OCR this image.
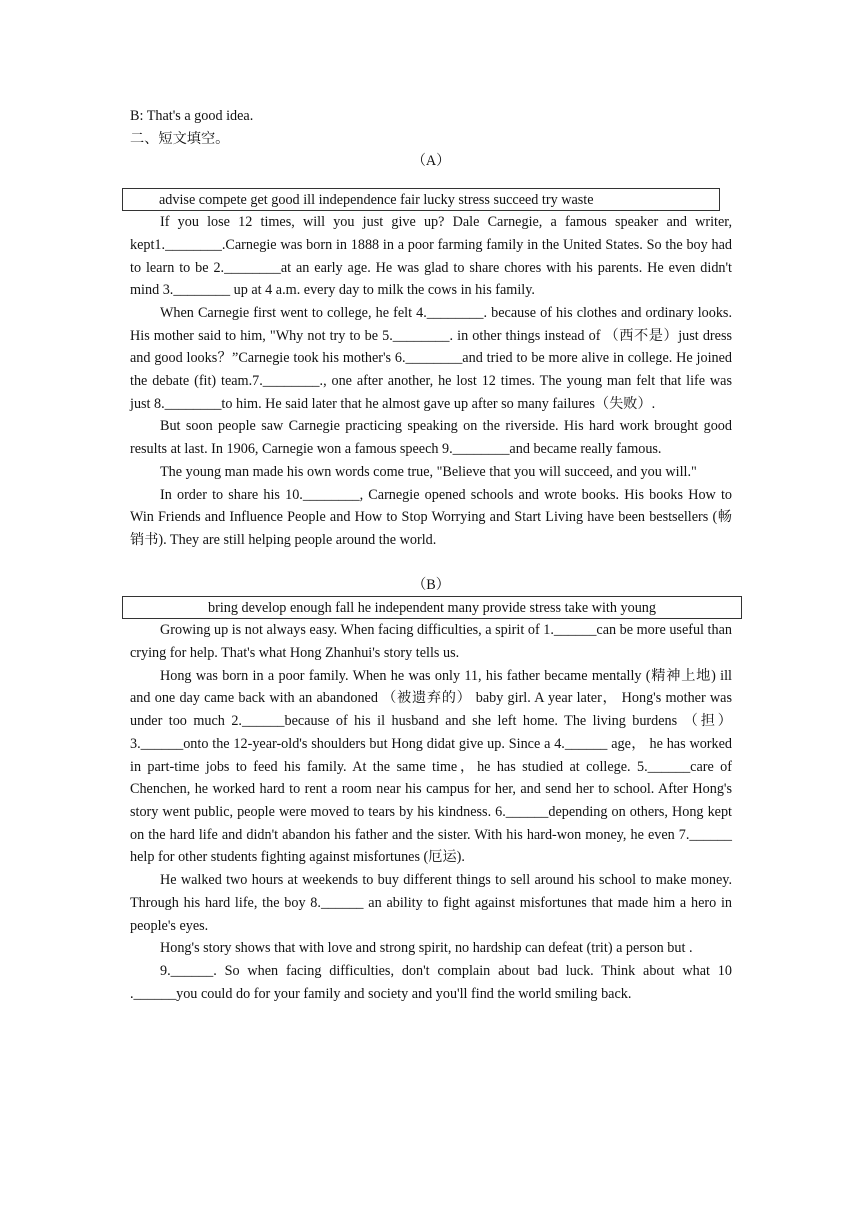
B: That's a good idea.
二、短文填空。
（A）
advise compete get good ill independence fair lucky stress succeed try waste

If you lose 12 times, will you just give up? Dale Carnegie, a famous speaker and writer, kept1.________.Carnegie was born in 1888 in a poor farming family in the United States. So the boy had to learn to be 2.________at an early age. He was glad to share chores with his parents. He even didn't mind 3.________ up at 4 a.m. every day to milk the cows in his family.

When Carnegie first went to college, he felt 4.________. because of his clothes and ordinary looks. His mother said to him, "Why not try to be 5.________. in other things instead of （西不是）just dress and good looks？”Carnegie took his mother's 6.________and tried to be more alive in college. He joined the debate (fit) team.7.________., one after another, he lost 12 times. The young man felt that life was just 8.________to him. He said later that he almost gave up after so many failures（失败）.

But soon people saw Carnegie practicing speaking on the riverside. His hard work brought good results at last. In 1906, Carnegie won a famous speech 9.________and became really famous.

The young man made his own words come true, "Believe that you will succeed, and you will."

In order to share his 10.________, Carnegie opened schools and wrote books. His books How to Win Friends and Influence People and How to Stop Worrying and Start Living have been bestsellers (畅销书). They are still helping people around the world.

（B）
bring develop enough fall he independent many provide stress take with young

Growing up is not always easy. When facing difficulties, a spirit of 1.______can be more useful than crying for help. That's what Hong Zhanhui's story tells us.

Hong was born in a poor family. When he was only 11, his father became mentally (精神上地) ill and one day came back with an abandoned （被遗弃的） baby girl. A year later， Hong's mother was under too much 2.______because of his il husband and she left home. The living burdens （担）3.______onto the 12-year-old's shoulders but Hong didat give up. Since a 4.______ age， he has worked in part-time jobs to feed his family. At the same time，he has studied at college. 5.______care of Chenchen, he worked hard to rent a room near his campus for her, and send her to school. After Hong's story went public, people were moved to tears by his kindness. 6.______depending on others, Hong kept on the hard life and didn't abandon his father and the sister. With his hard-won money, he even 7.______ help for other students fighting against misfortunes (厄运).

He walked two hours at weekends to buy different things to sell around his school to make money. Through his hard life, the boy 8.______ an ability to fight against misfortunes that made him a hero in people's eyes.

Hong's story shows that with love and strong spirit, no hardship can defeat (trit) a person but .

9.______. So when facing difficulties, don't complain about bad luck. Think about what 10 .______you could do for your family and society and you'll find the world smiling back.
